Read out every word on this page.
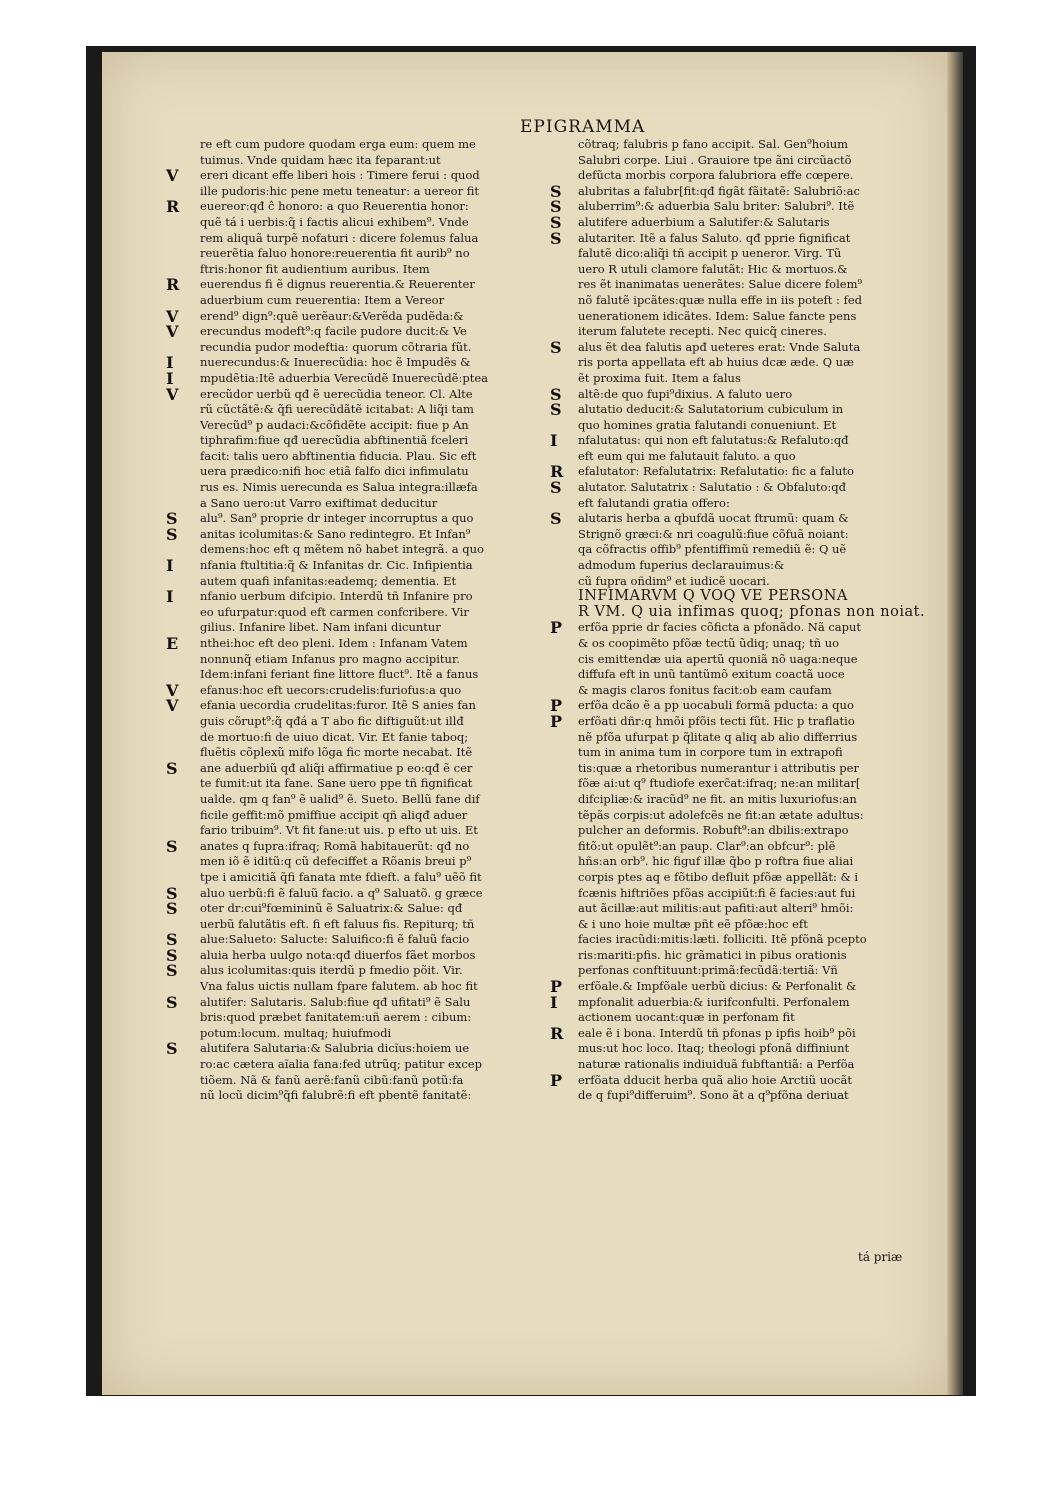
EPIGRAMMA
re eft cum pudore quodam erga eum: quem me
tuimus. Vnde quidam hæc ita feparant:ut
V ereri dicant effe liberi hois : Timere ferui : quod
ille pudoris:hic pene metu teneatur: a uereor fit
R euereor:qđ ĉ honoro: a quo Reuerentia honor:
quẽ tá i uerbis:q̃ i factis alicui exhibem⁹. Vnde
rem aliquã turpẽ nofaturi : dicere folemus falua
reuerẽtia faluo honore:reuerentia fit aurib⁹ no
ftris:honor fit audientium auribus. Item
R euerendus fi ẽ dignus reuerentia.& Reuerenter
aduerbium cum reuerentia: Item a Vereor
V erend⁹ dign⁹:quẽ uerẽaur:&Verẽda pudẽda:&
V erecundus modeft⁹:q facile pudore ducit:& Ve
recundia pudor modeftia: quorum cõtraria fũt.
I nuerecundus:& Inuerecũdia: hoc ẽ Impudẽs &
I mpudẽtia:Itẽ aduerbia Verecũdẽ Inuerecũdẽ:ptea
V erecũdor uerbũ qđ ẽ uerecũdia teneor. Cl. Alte
rũ cũctãtẽ:& q̃fi uerecũdãtẽ icitabat: A liq̃i tam
Verecũd⁹ p audaci:&cõfidẽte accipit: fiue p An
tiphrafim:fiue qđ uerecũdia abftinentiã fceleri
facit: talis uero abftinentia fiducia. Plau. Sic eft
uera prædico:nifi hoc etiã falfo dici infimulatu
rus es. Nimis uerecunda es Salua integra:illæfa
a Sano uero:ut Varro exiftimat deducitur
S alu⁹. San⁹ proprie dr integer incorruptus a quo
S anitas icolumitas:& Sano redintegro. Et Infan⁹
demens:hoc eft q mẽtem nõ habet integrã. a quo
I nfania ftultitia:q̃ & Infanitas dr. Cic. Infipientia
autem quafi infanitas:eademq; dementia. Et
I nfanio uerbum difcipio. Interdũ tñ Infanire pro
eo ufurpatur:quod eft carmen confcribere. Vir
gilius. Infanire libet. Nam infani dicuntur
E nthei:hoc eft deo pleni. Idem : Infanam Vatem
nonnunq̃ etiam Infanus pro magno accipitur.
Idem:infani feriant fine littore fluct⁹. Itẽ a fanus
V efanus:hoc eft uecors:crudelis:furiofus:a quo
V efania uecordia crudelitas:furor. Itẽ S anies fan
guis cõrupt⁹:q̃ qđá a T abo fic diftiguũt:ut illđ
de mortuo:fi de uiuo dicat. Vir. Et fanie taboq;
fluẽtis cõplexũ mifo lõga fic morte necabat. Itẽ
S ane aduerbiũ qđ aliq̃i affirmatiue p eo:qđ ẽ cer
te fumit:ut ita fane. Sane uero ppe tñ fignificat
ualde. qm q fan⁹ ẽ ualid⁹ ẽ. Sueto. Bellũ fane dif
ficile geffit:mõ pmiffiue accipit qñ aliqđ aduer
fario tribuim⁹. Vt fit fane:ut uis. p efto ut uis. Et
S anates q fupra:ifraq; Romã habitauerũt: qđ no
men iõ ẽ iditũ:q cũ defeciffet a Rõanis breui p⁹
tpe i amicitiã q̃fi fanata mte fdieft. a falu⁹ uẽõ fit
S aluo uerbũ:fi ẽ faluũ facio. a q⁹ Saluatõ. g græce
S oter dr:cui⁹fœmininũ ẽ Saluatrix:& Salue: qđ
uerbũ falutãtis eft. fi eft faluus fis. Repiturq; tñ
S alue:Salueto: Salucte: Saluifico:fi ẽ faluũ facio
S aluia herba uulgo nota:qđ diuerfos fãet morbos
S alus icolumitas:quis iterdũ p fmedio põit. Vir.
Vna falus uictis nullam fpare falutem. ab hoc fit
S alutifer: Salutaris. Salub:fiue qđ ufitati⁹ ẽ Salu
bris:quod præbet fanitatem:uñ aerem : cibum:
potum:locum. multaq; huiufmodi
S alutifera Salutaria:& Salubria dicĩus:hoiem ue
ro:ac cætera aĩalia fana:fed utrũq; patitur excep
tiõem. Nã & fanũ aerẽ:fanũ cibũ:fanũ potũ:fa
nũ locũ dicim⁹q̃fi falubrẽ:fi eft pbentẽ fanitatẽ:
cõtraq; falubris p fano accipit. Sal. Gen⁹hoium
Salubri corpe. Liui . Grauiore tpe ãni circũactõ
defũcta morbis corpora falubriora effe cœpere.
S alubritas a falubr[fit:qđ figãt fãitatẽ: Salubriõ:ac
S aluberrim⁹:& aduerbia Salu briter: Salubri⁹. Itẽ
S alutifere aduerbium a Salutifer:& Salutaris
S alutariter. Itẽ a falus Saluto. qđ pprie fignificat
falutẽ dico:aliq̃i tñ accipit p ueneror. Virg. Tũ
uero R utuli clamore falutãt: Hic & mortuos.&
res ẽt inanimatas uenerãtes: Salue dicere folem⁹
nõ falutẽ ipcãtes:quæ nulla effe in iis poteft : fed
uenerationem idicãtes. Idem: Salue fancte pens
iterum falutete recepti. Nec quicq̃ cineres.
S alus ẽt dea falutis apđ ueteres erat: Vnde Saluta
ris porta appellata eft ab huius dcæ æde. Q uæ
ẽt proxima fuit. Item a falus
S altẽ:de quo fupi⁹dixius. A faluto uero
S alutatio deducit:& Salutatorium cubiculum in
quo homines gratia falutandi conueniunt. Et
I nfalutatus: qui non eft falutatus:& Refaluto:qđ
eft eum qui me falutauit faluto. a quo
R efalutator: Refalutatrix: Refalutatio: fic a faluto
S alutator. Salutatrix : Salutatio : & Obfaluto:qđ
eft falutandi gratia offero:
S alutaris herba a qbufdã uocat ftrumũ: quam &
Strignõ græci:& nri coagulũ:fiue cõfuã noiant:
qa cõfractis offib⁹ pfentiffimũ remediũ ẽ: Q uẽ
admodum fuperius declarauimus:&
cũ fupra oñdim⁹ et iudicẽ uocari.
INFIMARVM Q VOQ VE PERSONA
R VM. Q uia infimas quoq; pfonas non noiat.
P erfõa pprie dr facies cõficta a pfonãdo. Nã caput
& os coopimẽto pfõæ tectũ ũdiq; unaq; tñ uo
cis emittendæ uia apertũ quoniã nõ uaga:neque
diffufa eft in unũ tantũmõ exitum coactã uoce
& magis claros fonitus facit:ob eam caufam
P erfõa dcão ẽ a pp uocabuli formã pducta: a quo
P erfõati dñr:q hmõi pfõis tecti fũt. Hic p traflatio
nẽ pfõa ufurpat p q̃litate q aliq ab alio differrius
tum in anima tum in corpore tum in extrapofi
tis:quæ a rhetoribus numerantur i attributis per
fõæ ai:ut q⁹ ftudiofe exerc̃at:ifraq; ne:an militar[
difcipliæ:& iracũd⁹ ne fit. an mitis luxuriofus:an
tẽpãs corpis:ut adolefcẽs ne fit:an ætate adultus:
pulcher an deformis. Robuft⁹:an dbilis:extrapo
fitõ:ut opulẽt⁹:an paup. Clar⁹:an obfcur⁹: plẽ
hñs:an orb⁹. hic figuf illæ q̃bo p roftra fiue aliai
corpis ptes aq e fõtibo defluit pfõæ appellãt: & i
fcænis hiftriões pfõas accipiũt:fi ẽ facies:aut fui
aut ãcillæ:aut militis:aut pafiti:aut alteri⁹ hmõi:
& i uno hoie multæ pñt eẽ pfõæ:hoc eft
facies iracũdi:mitis:læti. folliciti. Itẽ pfõnã pcepto
ris:mariti:pfis. hic grãmatici in pibus orationis
perfonas conftituunt:primã:fecũdã:tertiã: Vñ
P erfõale.& Impfõale uerbũ dicius: & Perfonalit &
I mpfonalit aduerbia:& iurifconfulti. Perfonalem
actionem uocant:quæ in perfonam fit
R eale ẽ i bona. Interdũ tñ pfonas p ipfis hoib⁹ põi
mus:ut hoc loco. Itaq; theologi pfonã diffiniunt
naturæ rationalis indiuiduã fubftantiã: a Perfõa
P erfõata dducit herba quã alio hoie Arctiũ uocãt
de q fupi⁹differuim⁹. Sono ãt a q⁹pfõna deriuat
tá priæ
